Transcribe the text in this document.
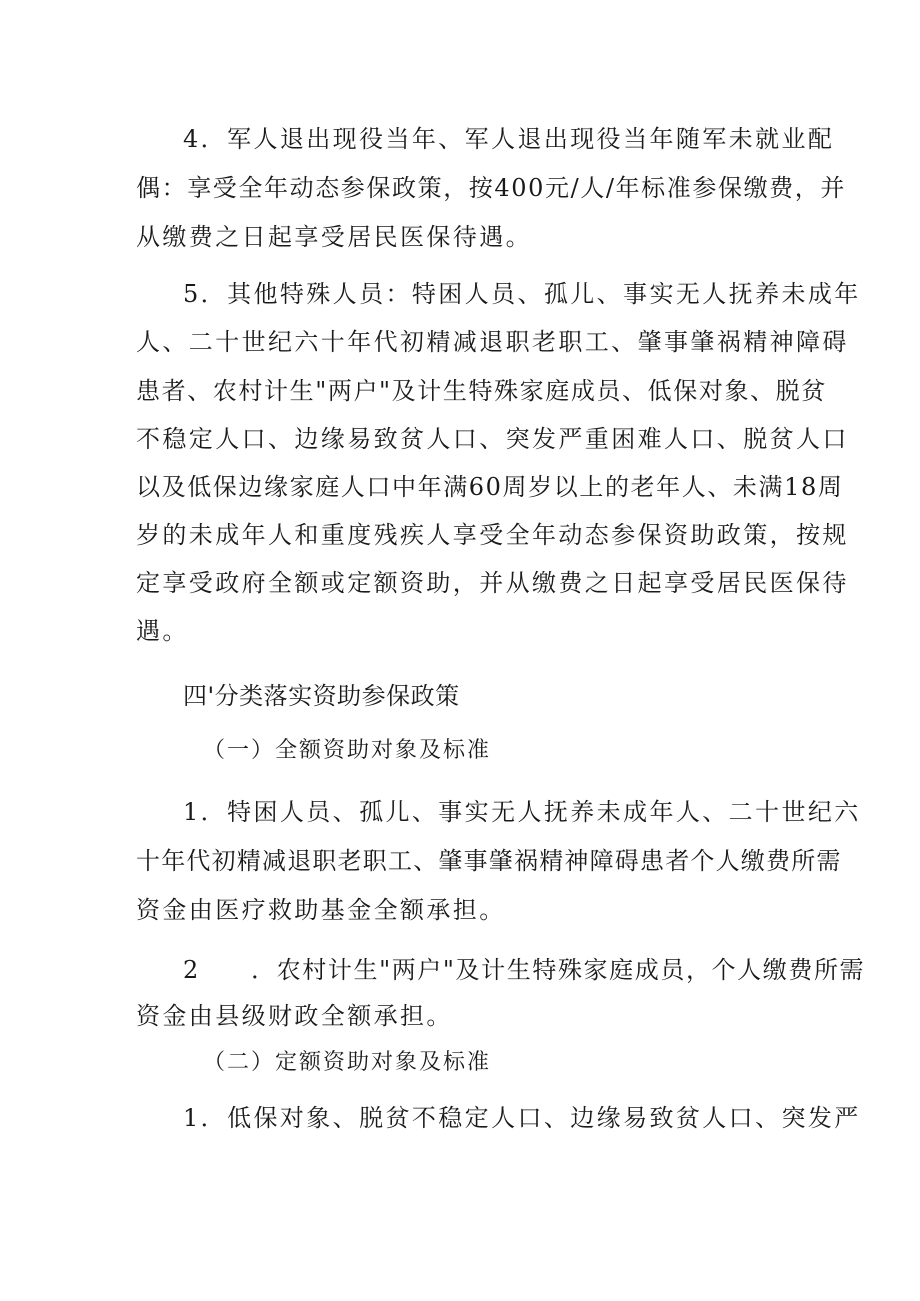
4．军人退出现役当年、军人退出现役当年随军未就业配
偶：享受全年动态参保政策，按400元/人/年标准参保缴费，并
从缴费之日起享受居民医保待遇。
5．其他特殊人员：特困人员、孤儿、事实无人抚养未成年
人、二十世纪六十年代初精减退职老职工、肇事肇祸精神障碍
患者、农村计生"两户"及计生特殊家庭成员、低保对象、脱贫
不稳定人口、边缘易致贫人口、突发严重困难人口、脱贫人口
以及低保边缘家庭人口中年满60周岁以上的老年人、未满18周
岁的未成年人和重度残疾人享受全年动态参保资助政策，按规
定享受政府全额或定额资助，并从缴费之日起享受居民医保待
遇。
四'分类落实资助参保政策
（一）全额资助对象及标准
1．特困人员、孤儿、事实无人抚养未成年人、二十世纪六
十年代初精减退职老职工、肇事肇祸精神障碍患者个人缴费所需
资金由医疗救助基金全额承担。
2　　．农村计生"两户"及计生特殊家庭成员，个人缴费所需
资金由县级财政全额承担。
（二）定额资助对象及标准
1．低保对象、脱贫不稳定人口、边缘易致贫人口、突发严
